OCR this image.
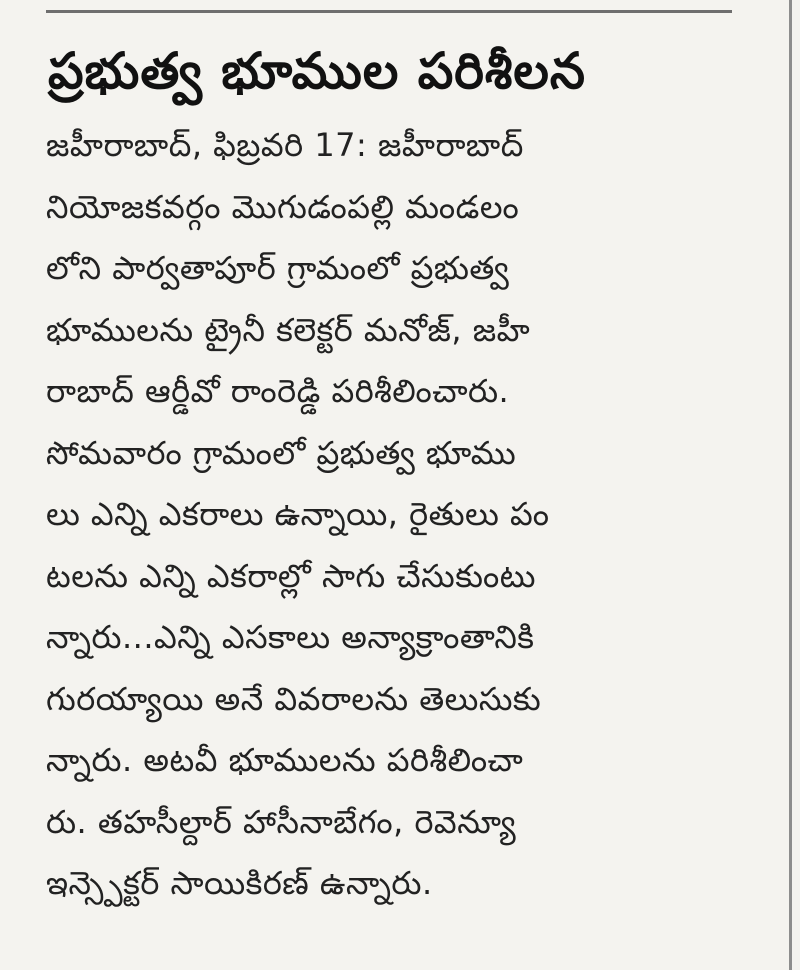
ప్రభుత్వ భూముల పరిశీలన
జహీరాబాద్, ఫిబ్రవరి 17: జహీరాబాద్
నియోజకవర్గం మొగుడంపల్లి మండలం
లోని పార్వతాపూర్ గ్రామంలో ప్రభుత్వ
భూములను ట్రైనీ కలెక్టర్ మనోజ్, జహీ
రాబాద్ ఆర్డీవో రాంరెడ్డి పరిశీలించారు.
సోమవారం గ్రామంలో ప్రభుత్వ భూము
లు ఎన్ని ఎకరాలు ఉన్నాయి, రైతులు పం
టలను ఎన్ని ఎకరాల్లో సాగు చేసుకుంటు
న్నారు...ఎన్ని ఎసకాలు అన్యాక్రాంతానికి
గురయ్యాయి అనే వివరాలను తెలుసుకు
న్నారు. అటవీ భూములను పరిశీలించా
రు. తహసీల్దార్ హాసీనాబేగం, రెవెన్యూ
ఇన్స్పెక్టర్ సాయికిరణ్ ఉన్నారు.
